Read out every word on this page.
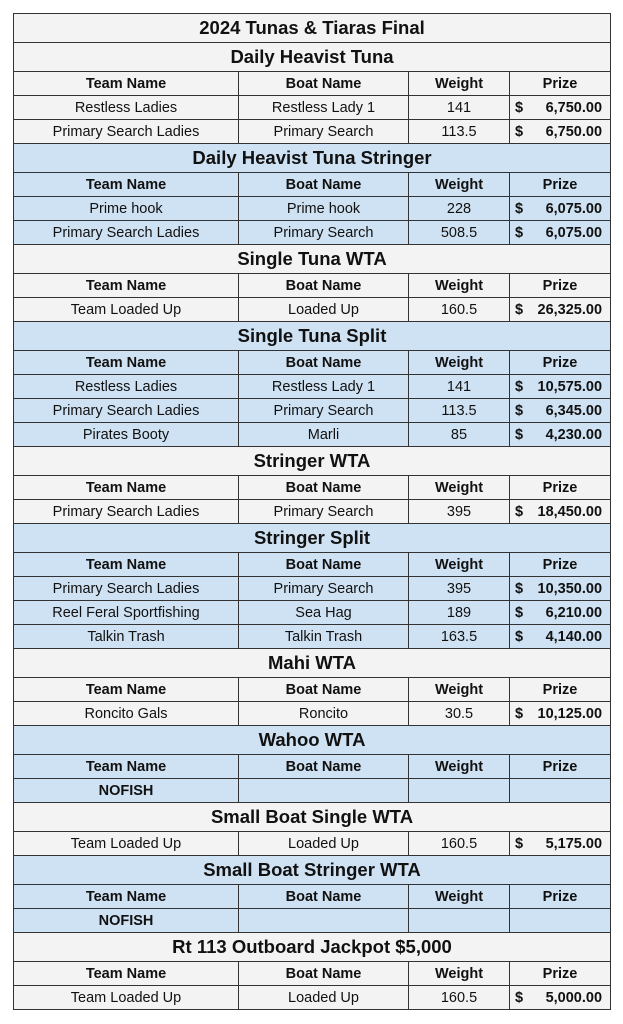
2024 Tunas & Tiaras Final			
Daily Heavist Tuna			
Team Name	Boat Name	Weight	Prize
Restless Ladies	Restless Lady 1	141	$ 6,750.00

Primary Search Ladies	Primary Search	113.5	$ 6,750.00

Daily Heavist Tuna Stringer			
Team Name	Boat Name	Weight	Prize
Prime hook	Prime hook	228	$ 6,075.00

Primary Search Ladies	Primary Search	508.5	$ 6,075.00

Single Tuna WTA			
Team Name	Boat Name	Weight	Prize
Team Loaded Up	Loaded Up	160.5	$ 26,325.00

Single Tuna Split			
Team Name	Boat Name	Weight	Prize
Restless Ladies	Restless Lady 1	141	$ 10,575.00

Primary Search Ladies	Primary Search	113.5	$ 6,345.00

Pirates Booty	Marli	85	$ 4,230.00

Stringer WTA			
Team Name	Boat Name	Weight	Prize
Primary Search Ladies	Primary Search	395	$ 18,450.00

Stringer Split			
Team Name	Boat Name	Weight	Prize
Primary Search Ladies	Primary Search	395	$ 10,350.00

Reel Feral Sportfishing	Sea Hag	189	$ 6,210.00

Talkin Trash	Talkin Trash	163.5	$ 4,140.00

Mahi WTA			
Team Name	Boat Name	Weight	Prize
Roncito Gals	Roncito	30.5	$ 10,125.00

Wahoo WTA			
Team Name	Boat Name	Weight	Prize
NOFISH			

Small Boat Single WTA			
Team Loaded Up	Loaded Up	160.5	$ 5,175.00

Small Boat Stringer WTA			
Team Name	Boat Name	Weight	Prize
NOFISH			

Rt 113 Outboard Jackpot $5,000			
Team Name	Boat Name	Weight	Prize
Team Loaded Up	Loaded Up	160.5	$ 5,000.00
